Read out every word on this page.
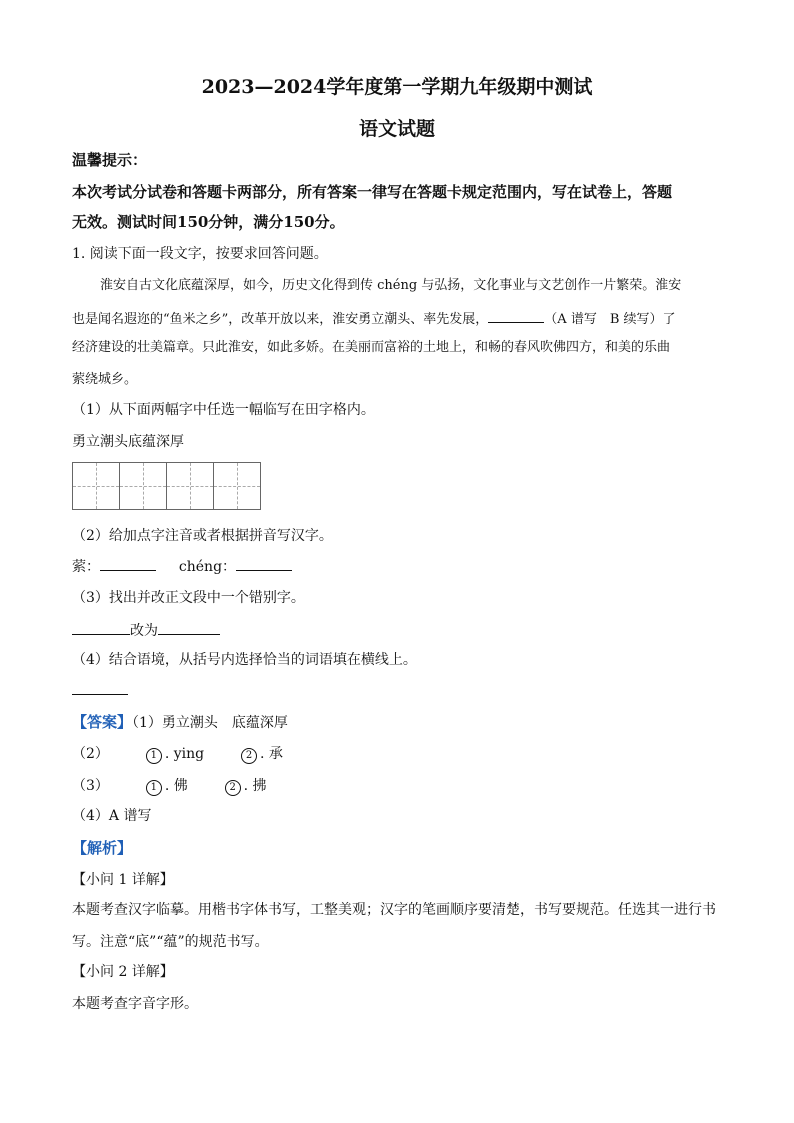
2023—2024学年度第一学期九年级期中测试
语文试题
温馨提示：
本次考试分试卷和答题卡两部分，所有答案一律写在答题卡规定范围内，写在试卷上，答题
无效。测试时间150分钟，满分150分。
1. 阅读下面一段文字，按要求回答问题。
淮安自古文化底蕴深厚，如今，历史文化得到传 chéng 与弘扬，文化事业与文艺创作一片繁荣。淮安
也是闻名遐迩的“鱼米之乡”，改革开放以来，淮安勇立潮头、率先发展，	（A 谱写　B 续写）了
经济建设的壮美篇章。只此淮安，如此多娇。在美丽而富裕的土地上，和畅的春风吹佛四方，和美的乐曲
萦绕城乡。
（1）从下面两幅字中任选一幅临写在田字格内。
勇立潮头底蕴深厚
（2）给加点字注音或者根据拼音写汉字。
萦：	chéng：
（3）找出并改正文段中一个错别字。
改为
（4）结合语境，从括号内选择恰当的词语填在横线上。
【答案】（1）勇立潮头　底蕴深厚
（2）	1 . ying	2 . 承
（3）	1 . 佛	2 . 拂
（4）A 谱写
【解析】
【小问 1 详解】
本题考查汉字临摹。用楷书字体书写，工整美观；汉字的笔画顺序要清楚，书写要规范。任选其一进行书
写。注意“底”“蕴”的规范书写。
【小问 2 详解】
本题考查字音字形。
